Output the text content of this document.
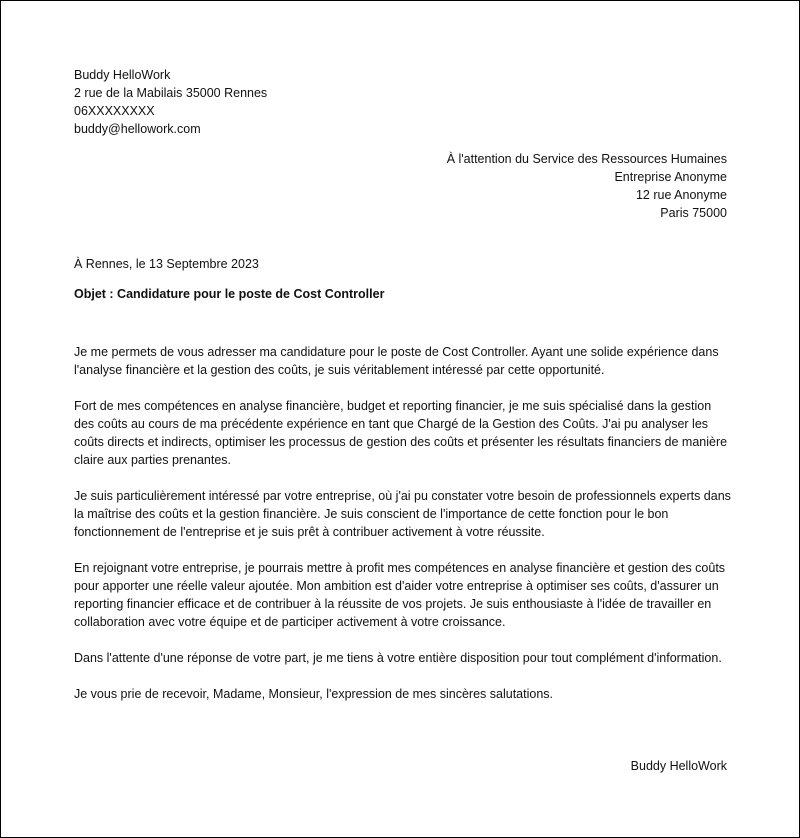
Buddy HelloWork
2 rue de la Mabilais 35000 Rennes
06XXXXXXXX
buddy@hellowork.com
À l'attention du Service des Ressources Humaines
Entreprise Anonyme
12 rue Anonyme
Paris 75000
À Rennes, le 13 Septembre 2023
Objet : Candidature pour le poste de Cost Controller

Je me permets de vous adresser ma candidature pour le poste de Cost Controller. Ayant une solide expérience dans l'analyse financière et la gestion des coûts, je suis véritablement intéressé par cette opportunité.

Fort de mes compétences en analyse financière, budget et reporting financier, je me suis spécialisé dans la gestion des coûts au cours de ma précédente expérience en tant que Chargé de la Gestion des Coûts. J'ai pu analyser les coûts directs et indirects, optimiser les processus de gestion des coûts et présenter les résultats financiers de manière claire aux parties prenantes.

Je suis particulièrement intéressé par votre entreprise, où j'ai pu constater votre besoin de professionnels experts dans la maîtrise des coûts et la gestion financière. Je suis conscient de l'importance de cette fonction pour le bon fonctionnement de l'entreprise et je suis prêt à contribuer activement à votre réussite.

En rejoignant votre entreprise, je pourrais mettre à profit mes compétences en analyse financière et gestion des coûts pour apporter une réelle valeur ajoutée. Mon ambition est d'aider votre entreprise à optimiser ses coûts, d'assurer un reporting financier efficace et de contribuer à la réussite de vos projets. Je suis enthousiaste à l'idée de travailler en collaboration avec votre équipe et de participer activement à votre croissance.

Dans l'attente d'une réponse de votre part, je me tiens à votre entière disposition pour tout complément d'information.

Je vous prie de recevoir, Madame, Monsieur, l'expression de mes sincères salutations.

Buddy HelloWork
